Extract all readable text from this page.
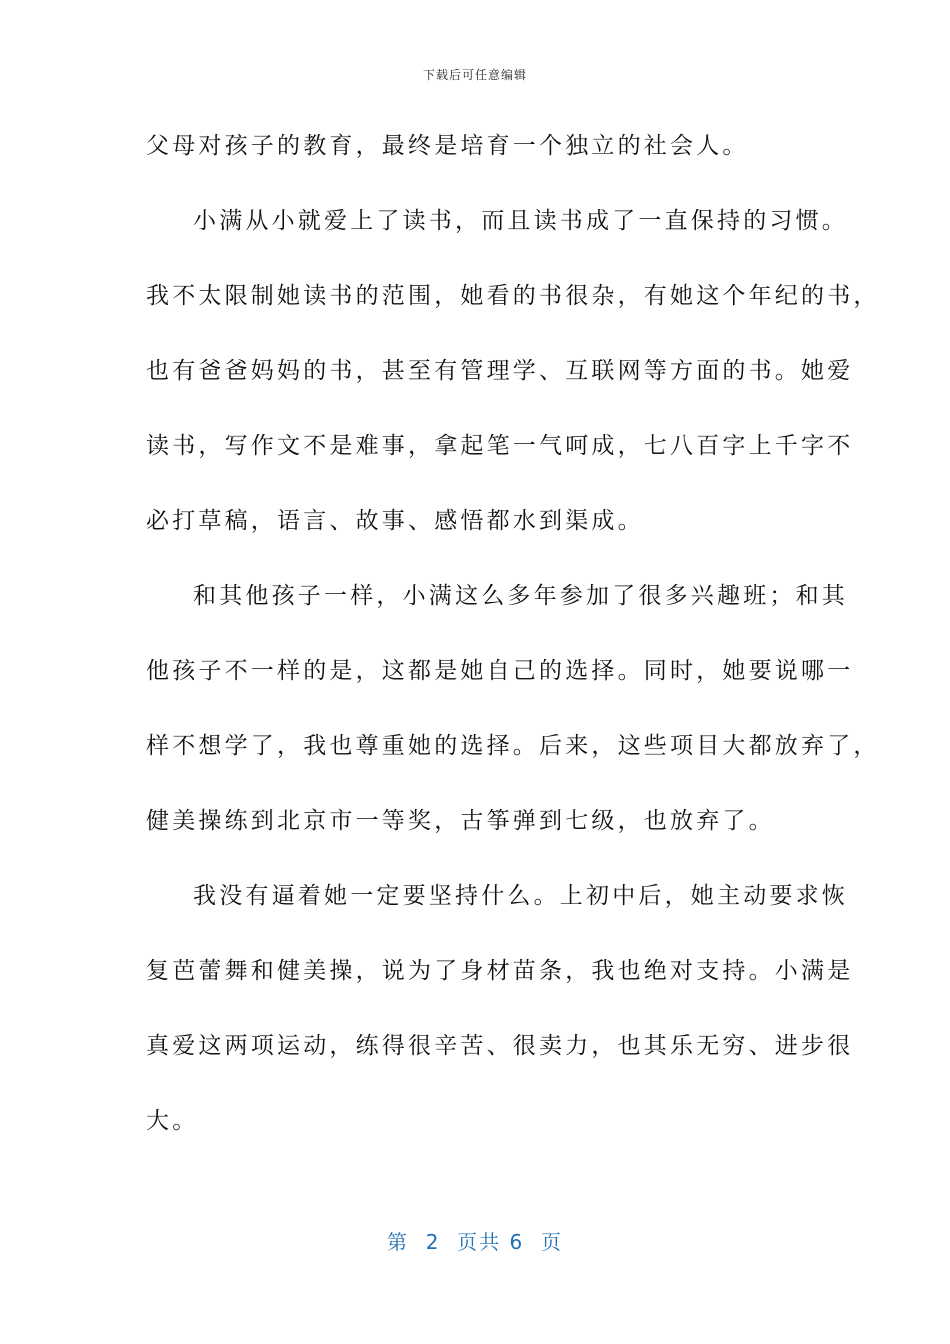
下载后可任意编辑
父母对孩子的教育，最终是培育一个独立的社会人。
小满从小就爱上了读书，而且读书成了一直保持的习惯。
我不太限制她读书的范围，她看的书很杂，有她这个年纪的书，
也有爸爸妈妈的书，甚至有管理学、互联网等方面的书。她爱
读书，写作文不是难事，拿起笔一气呵成，七八百字上千字不
必打草稿，语言、故事、感悟都水到渠成。
和其他孩子一样，小满这么多年参加了很多兴趣班；和其
他孩子不一样的是，这都是她自己的选择。同时，她要说哪一
样不想学了，我也尊重她的选择。后来，这些项目大都放弃了，
健美操练到北京市一等奖，古筝弹到七级，也放弃了。
我没有逼着她一定要坚持什么。上初中后，她主动要求恢
复芭蕾舞和健美操，说为了身材苗条，我也绝对支持。小满是
真爱这两项运动，练得很辛苦、很卖力，也其乐无穷、进步很
大。
第  2  页共 6  页
